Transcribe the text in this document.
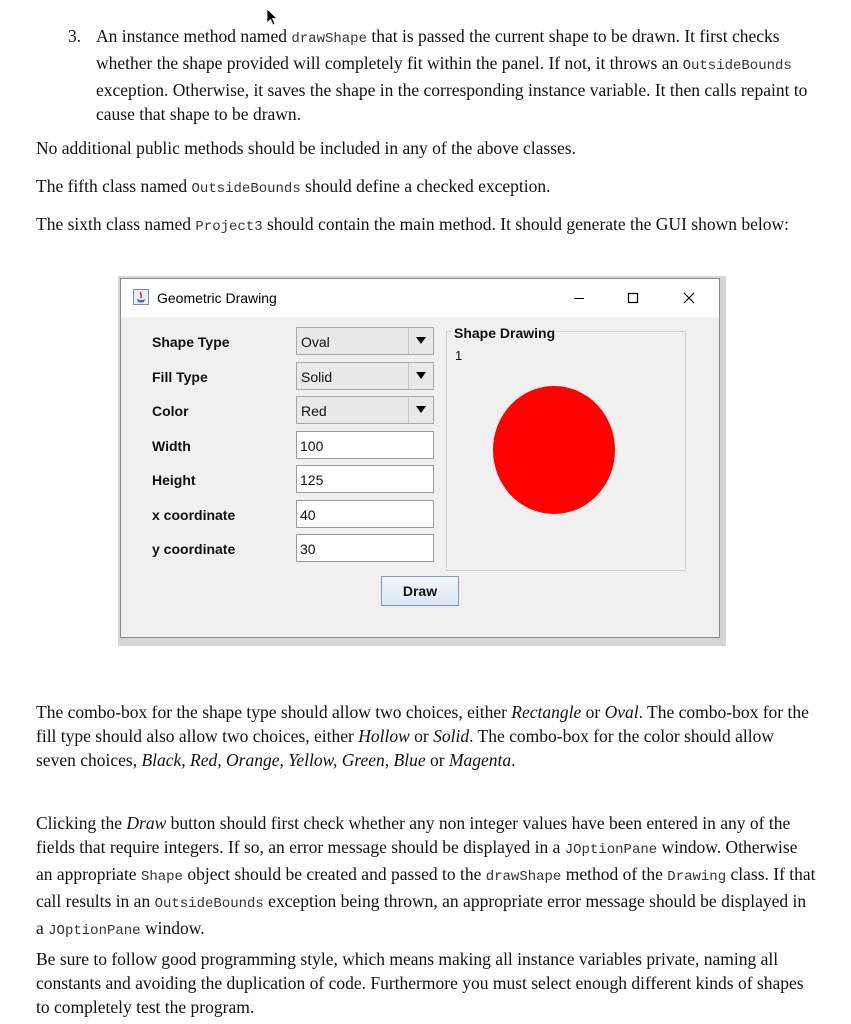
3. An instance method named drawShape that is passed the current shape to be drawn. It first checks whether the shape provided will completely fit within the panel. If not, it throws an OutsideBounds exception. Otherwise, it saves the shape in the corresponding instance variable. It then calls repaint to cause that shape to be drawn.

No additional public methods should be included in any of the above classes.

The fifth class named OutsideBounds should define a checked exception.

The sixth class named Project3 should contain the main method. It should generate the GUI shown below:

Geometric Drawing
Shape Type
Fill Type
Color
Width
Height
x coordinate
y coordinate
Oval
Solid
Red
100
125
40
30
Shape Drawing
1
Draw

The combo-box for the shape type should allow two choices, either Rectangle or Oval. The combo-box for the fill type should also allow two choices, either Hollow or Solid. The combo-box for the color should allow seven choices, Black, Red, Orange, Yellow, Green, Blue or Magenta.

Clicking the Draw button should first check whether any non integer values have been entered in any of the fields that require integers. If so, an error message should be displayed in a JOptionPane window. Otherwise an appropriate Shape object should be created and passed to the drawShape method of the Drawing class. If that call results in an OutsideBounds exception being thrown, an appropriate error message should be displayed in a JOptionPane window.

Be sure to follow good programming style, which means making all instance variables private, naming all constants and avoiding the duplication of code. Furthermore you must select enough different kinds of shapes to completely test the program.
